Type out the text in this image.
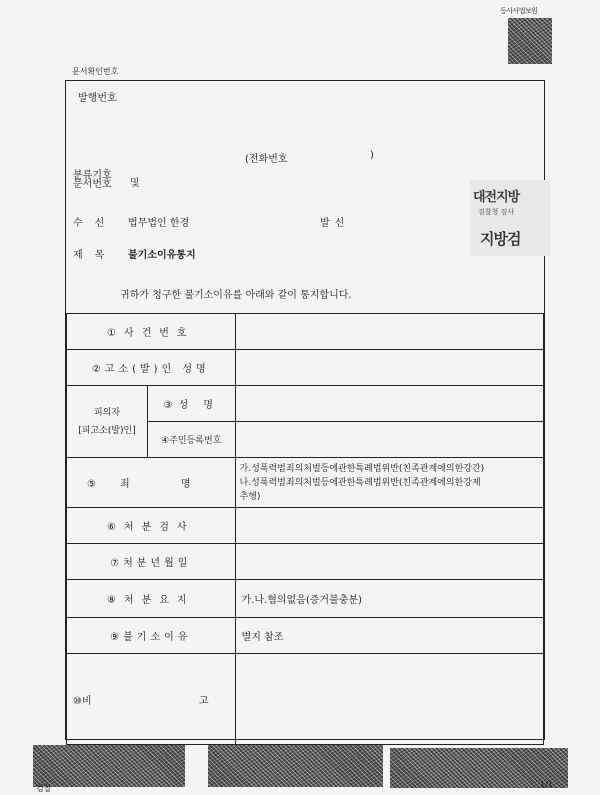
등사사법보원
문서확인번호
발행번호
(전화번호	)
분류기호
문서번호 및
수신 법무법인 한경	발신
대전지방
검찰청 검사
지방검
제목 불기소이유통지
귀하가 청구한 불기소이유를 아래와 같이 통지합니다.
①사건번호		
②고소(발)인 성명		

피의자
[피고소(발)인]	③성 명	
	④주민등록번호	
⑤죄 명		가.성폭력범죄의처벌등에관한특례법위반(친족관계에의한강간)
나.성폭력범죄의처벌등에관한특례법위반(친족관계에의한강제
추행)

⑥처분검사		
⑦처분년월일		
⑧처분요지		가.나.혐의없음(증거불충분)
⑨불기소이유		별지 참조
⑩비 고		

검찰	1/1
